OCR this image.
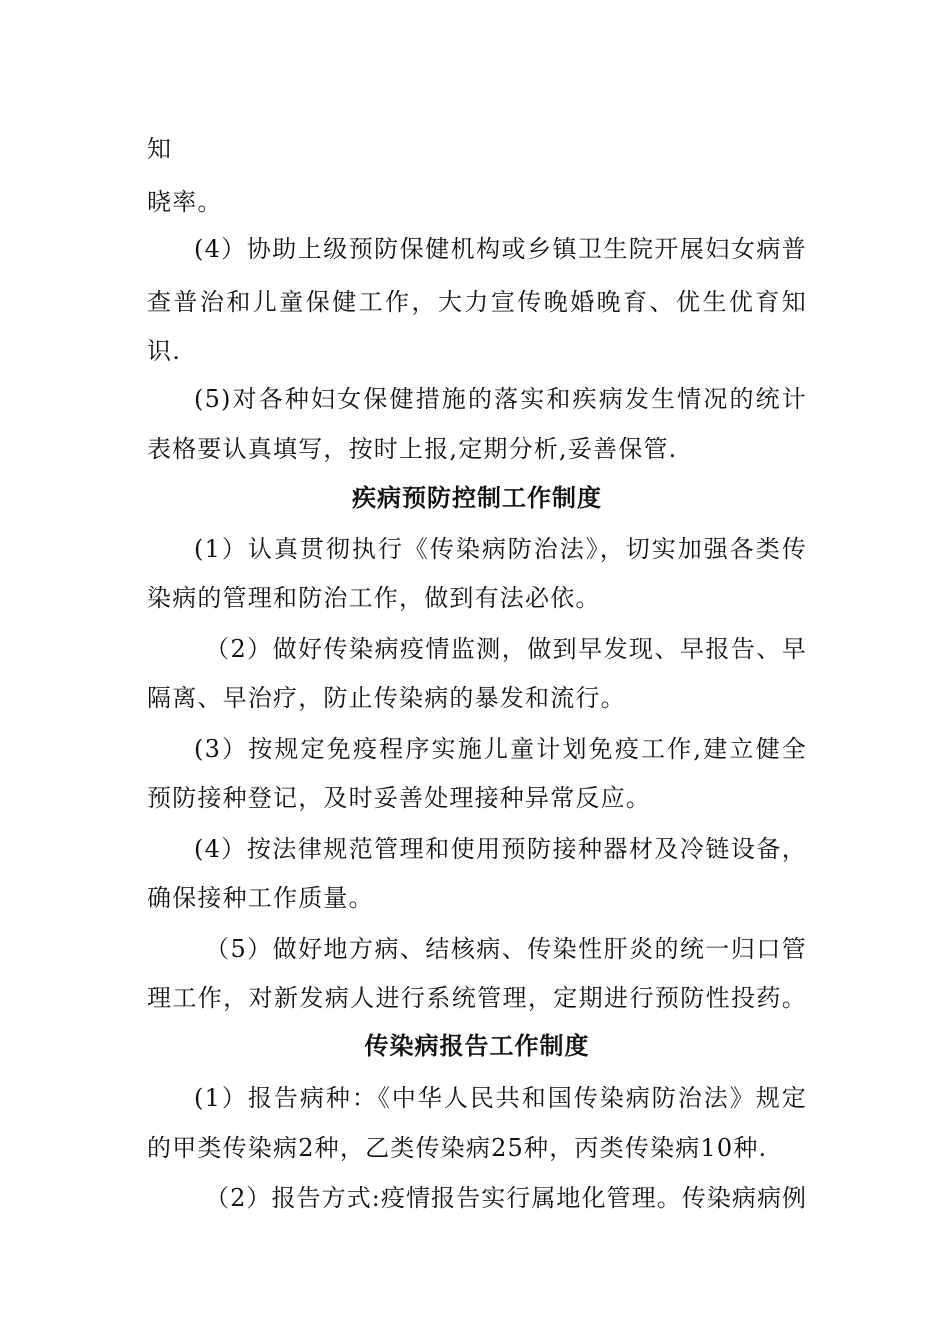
知
晓率。
(4）协助上级预防保健机构或乡镇卫生院开展妇女病普
查普治和儿童保健工作，大力宣传晚婚晚育、优生优育知
识.
(5)对各种妇女保健措施的落实和疾病发生情况的统计
表格要认真填写，按时上报,定期分析,妥善保管.
疾病预防控制工作制度
(1）认真贯彻执行《传染病防治法》，切实加强各类传
染病的管理和防治工作，做到有法必依。
（2）做好传染病疫情监测，做到早发现、早报告、早
隔离、早治疗，防止传染病的暴发和流行。
(3）按规定免疫程序实施儿童计划免疫工作,建立健全
预防接种登记，及时妥善处理接种异常反应。
(4）按法律规范管理和使用预防接种器材及冷链设备，
确保接种工作质量。
（5）做好地方病、结核病、传染性肝炎的统一归口管
理工作，对新发病人进行系统管理，定期进行预防性投药。
传染病报告工作制度
(1）报告病种：《中华人民共和国传染病防治法》规定
的甲类传染病2种，乙类传染病25种，丙类传染病10种.
（2）报告方式:疫情报告实行属地化管理。传染病病例
